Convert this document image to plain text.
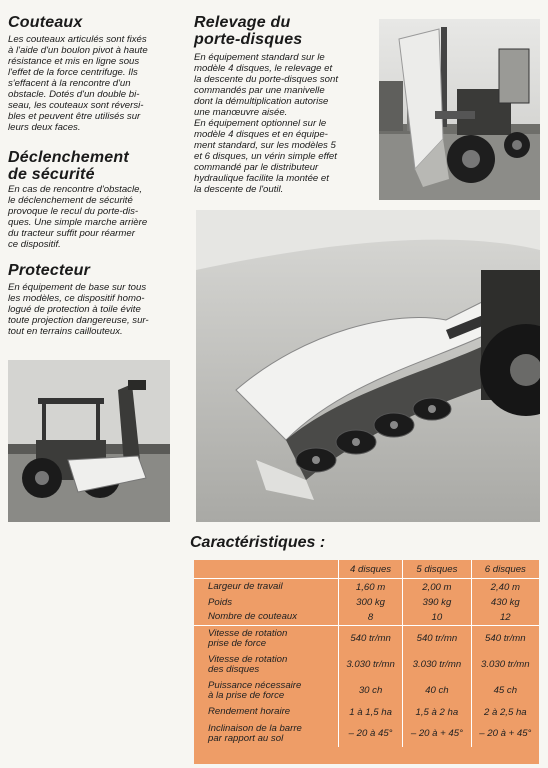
Couteaux
Les couteaux articulés sont fixés
à l'aide d'un boulon pivot à haute
résistance et mis en ligne sous
l'effet de la force centrifuge. Ils
s'effacent à la rencontre d'un
obstacle. Dotés d'un double bi-
seau, les couteaux sont réversi-
bles et peuvent être utilisés sur
leurs deux faces.
Déclenchement
de sécurité
En cas de rencontre d'obstacle,
le déclenchement de sécurité
provoque le recul du porte-dis-
ques. Une simple marche arrière
du tracteur suffit pour réarmer
ce dispositif.
Protecteur
En équipement de base sur tous
les modèles, ce dispositif homo-
logué de protection à toile évite
toute projection dangereuse, sur-
tout en terrains caillouteux.
Relevage du
porte-disques
En équipement standard sur le
modèle 4 disques, le relevage et
la descente du porte-disques sont
commandés par une manivelle
dont la démultiplication autorise
une manœuvre aisée.
En équipement optionnel sur le
modèle 4 disques et en équipe-
ment standard, sur les modèles 5
et 6 disques, un vérin simple effet
commandé par le distributeur
hydraulique facilite la montée et
la descente de l'outil.
Caractéristiques :
	4 disques	5 disques	6 disques

Largeur de travail	1,60 m	2,00 m	2,40 m

Poids	300 kg	390 kg	430 kg

Nombre de couteaux	8	10	12

Vitesse de rotation
prise de force	540 tr/mn	540 tr/mn	540 tr/mn

Vitesse de rotation
des disques	3.030 tr/mn	3.030 tr/mn	3.030 tr/mn

Puissance nécessaire
à la prise de force	30 ch	40 ch	45 ch

Rendement horaire	1 à 1,5 ha	1,5 à 2 ha	2 à 2,5 ha

Inclinaison de la barre
par rapport au sol	– 20 à 45°	– 20 à + 45°	– 20 à + 45°
